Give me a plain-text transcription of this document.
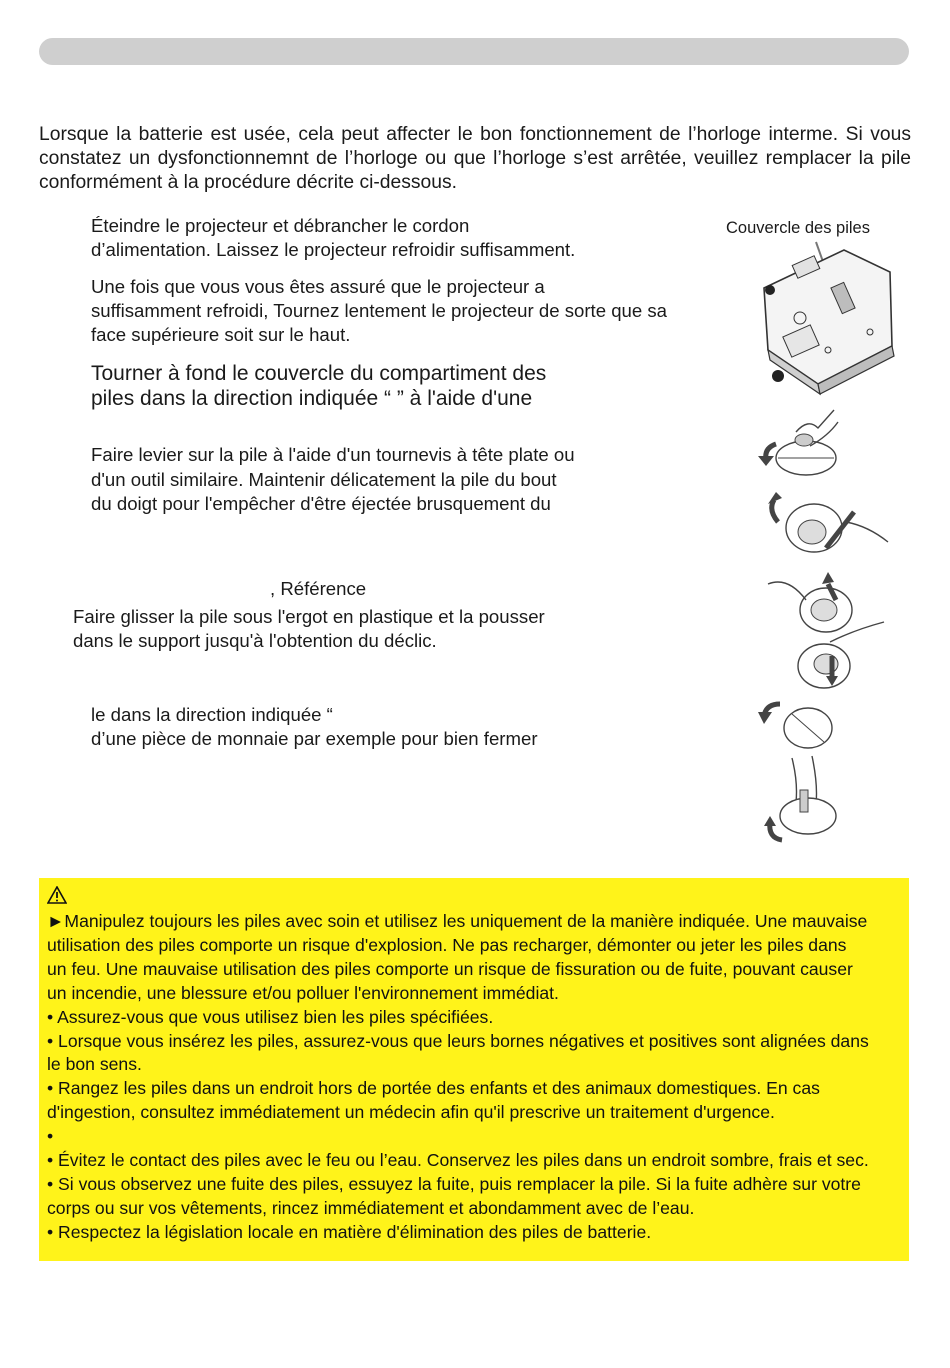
Lorsque la batterie est usée, cela peut affecter le bon fonctionnement de l’horloge interme. Si vous constatez un dysfonctionnemnt de l’horloge ou que l’horloge s’est arrêtée, veuillez remplacer la pile conformément à la procédure décrite ci-dessous.

Éteindre le projecteur et débrancher le cordon

d’alimentation. Laissez le projecteur refroidir suffisamment.

Une fois que vous vous êtes assuré que le projecteur a

suffisamment refroidi, Tournez lentement le projecteur de sorte que sa

face supérieure soit sur le haut.

Tourner à fond le couvercle du compartiment des

piles dans la direction indiquée “ ” à l'aide d'une

Faire levier sur la pile à l'aide d'un tournevis à tête plate ou

d'un outil similaire. Maintenir délicatement la pile du bout

du doigt pour l'empêcher d'être éjectée brusquement du

, Référence

Faire glisser la pile sous l'ergot en plastique et la pousser

dans le support jusqu'à l'obtention du déclic.

le dans la direction indiquée “

d’une pièce de monnaie par exemple pour bien fermer

Couvercle des piles

►Manipulez toujours les piles avec soin et utilisez les uniquement de la manière indiquée. Une mauvaise

utilisation des piles comporte un risque d'explosion. Ne pas recharger, démonter ou jeter les piles dans

un feu. Une mauvaise utilisation des piles comporte un risque de fissuration ou de fuite, pouvant causer

un incendie, une blessure et/ou polluer l'environnement immédiat.

• Assurez-vous que vous utilisez bien les piles spécifiées.

• Lorsque vous insérez les piles, assurez-vous que leurs bornes négatives et positives sont alignées dans

le bon sens.

• Rangez les piles dans un endroit hors de portée des enfants et des animaux domestiques. En cas

d'ingestion, consultez immédiatement un médecin afin qu'il prescrive un traitement d'urgence.

•

• Évitez le contact des piles avec le feu ou l’eau. Conservez les piles dans un endroit sombre, frais et sec.

• Si vous observez une fuite des piles, essuyez la fuite, puis remplacer la pile. Si la fuite adhère sur votre

corps ou sur vos vêtements, rincez immédiatement et abondamment avec de l’eau.

• Respectez la législation locale en matière d'élimination des piles de batterie.
